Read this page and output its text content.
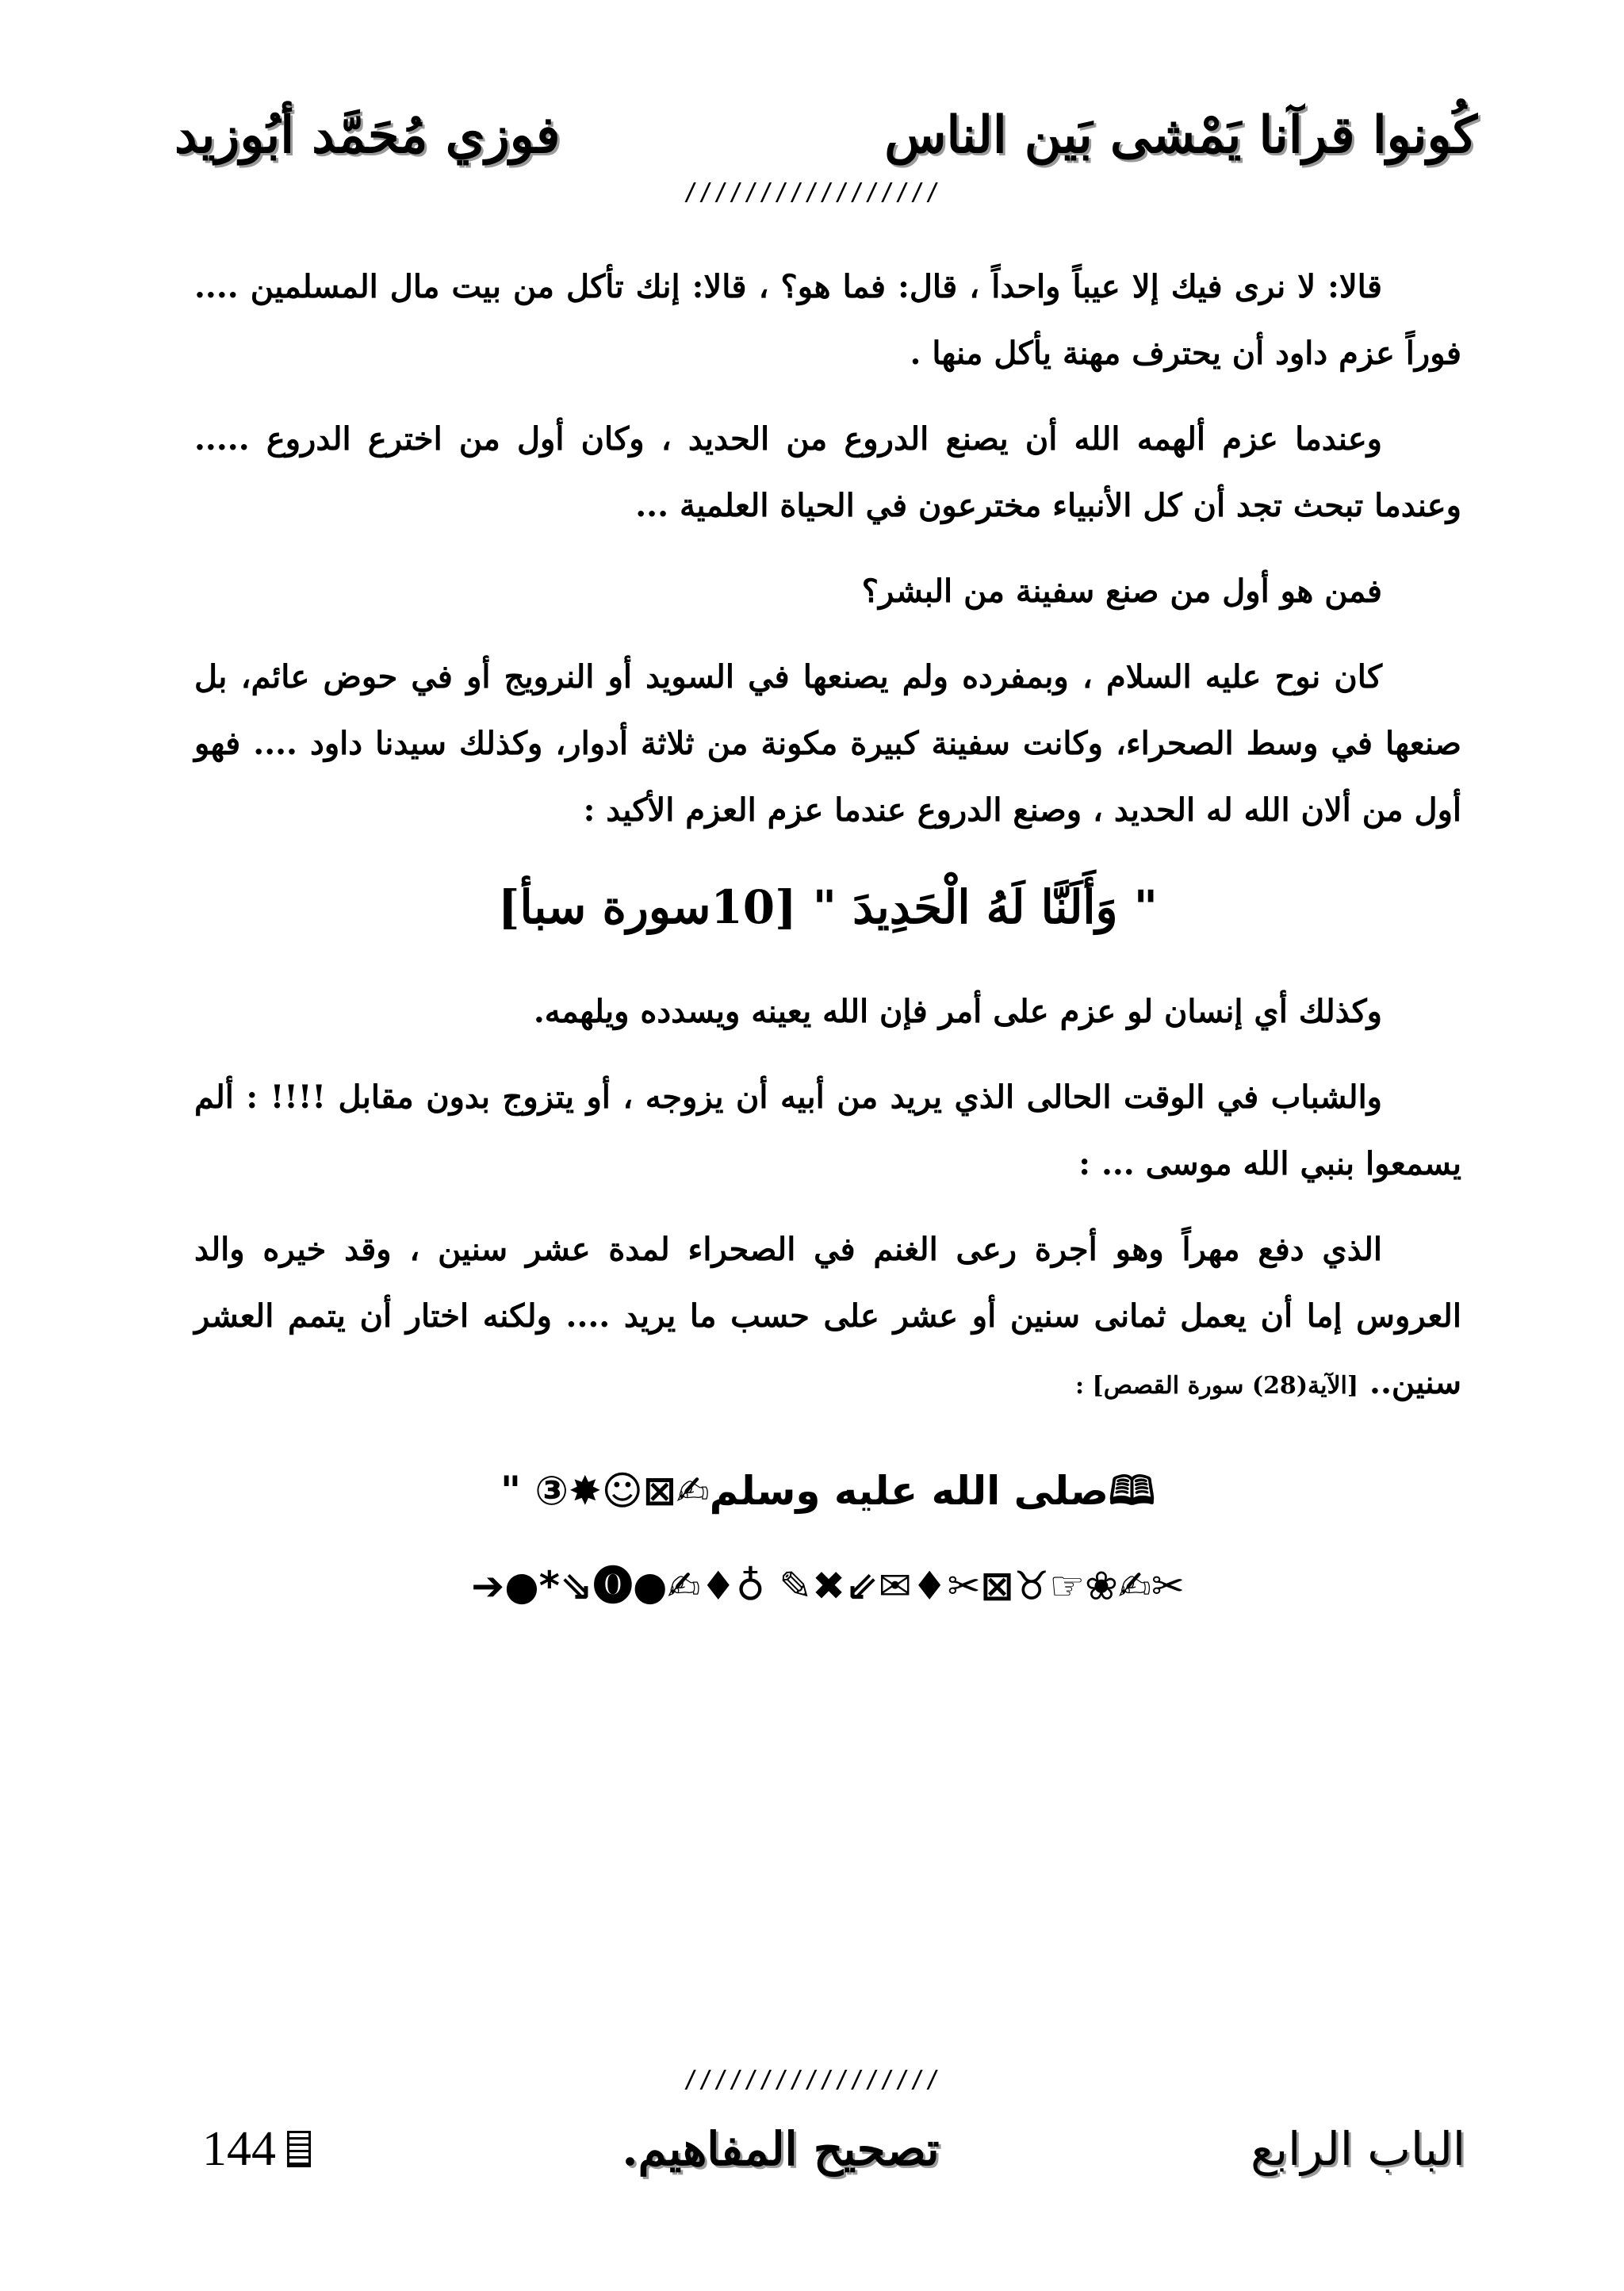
كُونوا قرآنا يَمْشى بَين الناس
فوزي مُحَمَّد أبُوزيد
/////////////////

قالا: لا نرى فيك إلا عيباً واحداً ، قال: فما هو؟ ، قالا: إنك تأكل من بيت مال المسلمين .... فوراً عزم داود أن يحترف مهنة يأكل منها .

وعندما عزم ألهمه الله أن يصنع الدروع من الحديد ، وكان أول من اخترع الدروع ..... وعندما تبحث تجد أن كل الأنبياء مخترعون في الحياة العلمية ...

فمن هو أول من صنع سفينة من البشر؟

كان نوح عليه السلام ، وبمفرده ولم يصنعها في السويد أو النرويج أو في حوض عائم، بل صنعها في وسط الصحراء، وكانت سفينة كبيرة مكونة من ثلاثة أدوار، وكذلك سيدنا داود .... فهو أول من ألان الله له الحديد ، وصنع الدروع عندما عزم العزم الأكيد :

" وَأَلَنَّا لَهُ الْحَدِيدَ " [10سورة سبأ]

وكذلك أي إنسان لو عزم على أمر فإن الله يعينه ويسدده ويلهمه.

والشباب في الوقت الحالى الذي يريد من أبيه أن يزوجه ، أو يتزوج بدون مقابل !!!! : ألم يسمعوا بنبي الله موسى ... :

الذي دفع مهراً وهو أجرة رعى الغنم في الصحراء لمدة عشر سنين ، وقد خيره والد العروس إما أن يعمل ثمانى سنين أو عشر على حسب ما يريد .... ولكنه اختار أن يتمم العشر سنين.. [الآية(28) سورة القصص] :

" ③✸☺⊠✍صلى الله عليه وسلم🕮
➔●*⇘⓿●✍♦♁ ✎✖⇙✉♦✂⊠♉☞❀✍✂
/////////////////
الباب الرابع
تصحيح المفاهيم.
144
